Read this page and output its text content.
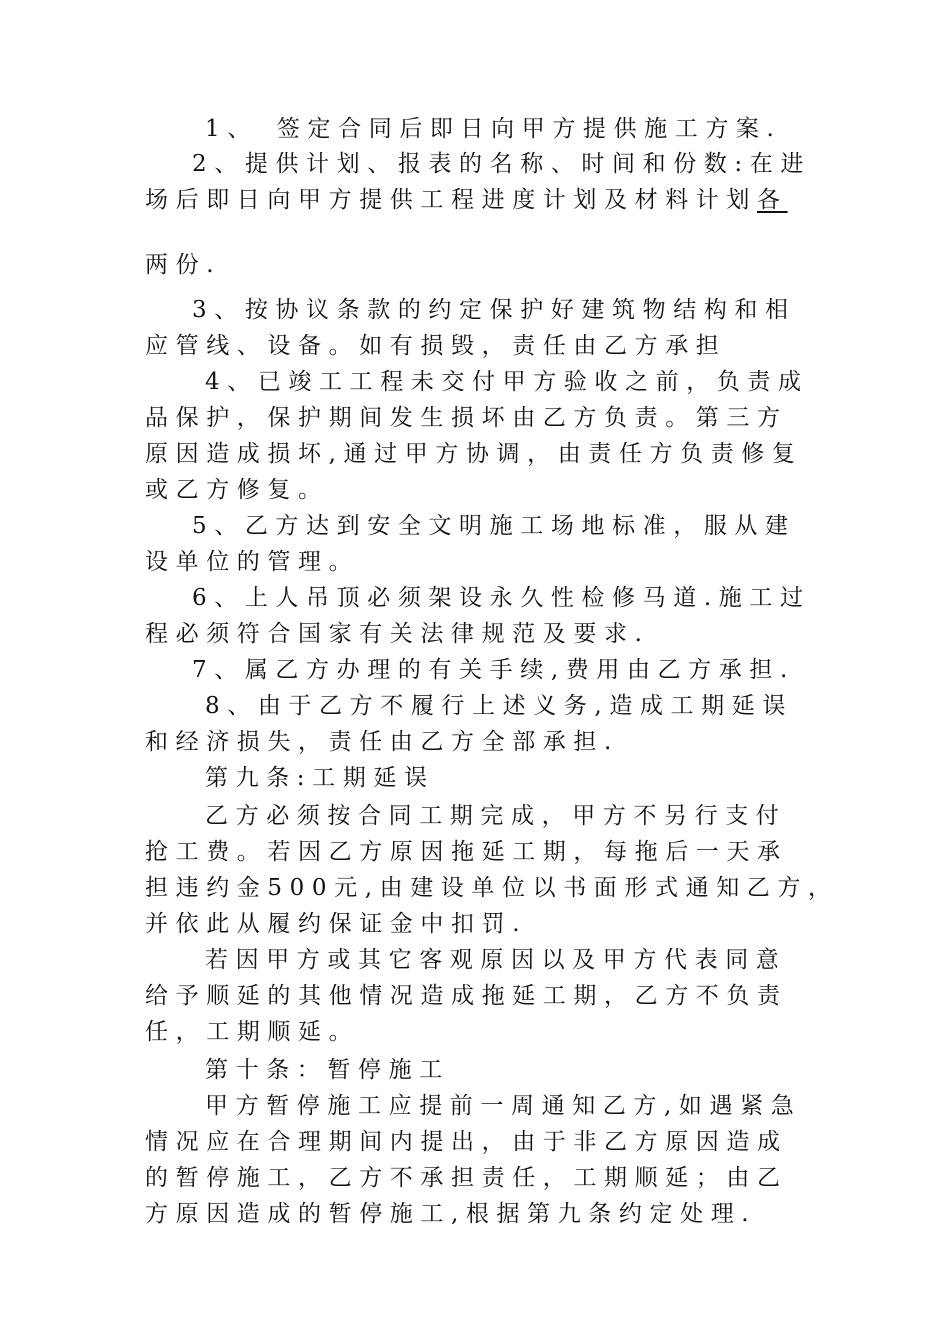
1、　签定合同后即日向甲方提供施工方案.
2、提供计划、报表的名称、时间和份数:在进
场后即日向甲方提供工程进度计划及材料计划各
两份.
3、按协议条款的约定保护好建筑物结构和相
应管线、设备。如有损毁，责任由乙方承担
4、已竣工工程未交付甲方验收之前，负责成
品保护，保护期间发生损坏由乙方负责。第三方
原因造成损坏,通过甲方协调，由责任方负责修复
或乙方修复。
5、乙方达到安全文明施工场地标准，服从建
设单位的管理。
6、上人吊顶必须架设永久性检修马道.施工过
程必须符合国家有关法律规范及要求.
7、属乙方办理的有关手续,费用由乙方承担.
8、由于乙方不履行上述义务,造成工期延误
和经济损失，责任由乙方全部承担.
第九条:工期延误
乙方必须按合同工期完成，甲方不另行支付
抢工费。若因乙方原因拖延工期，每拖后一天承
担违约金500元,由建设单位以书面形式通知乙方，
并依此从履约保证金中扣罚.
若因甲方或其它客观原因以及甲方代表同意
给予顺延的其他情况造成拖延工期，乙方不负责
任，工期顺延。
第十条：暂停施工
甲方暂停施工应提前一周通知乙方,如遇紧急
情况应在合理期间内提出，由于非乙方原因造成
的暂停施工，乙方不承担责任，工期顺延；由乙
方原因造成的暂停施工,根据第九条约定处理.
